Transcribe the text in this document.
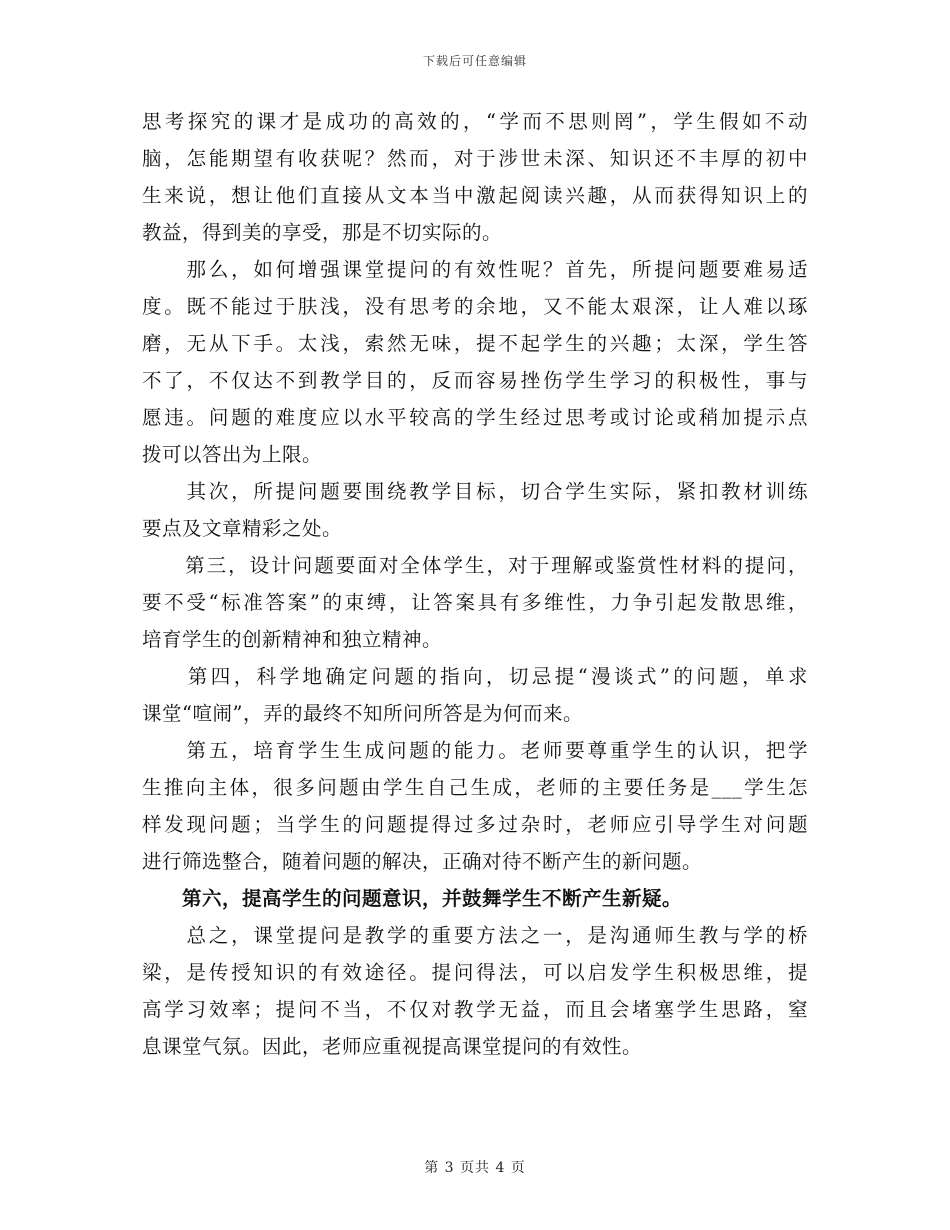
下载后可任意编辑
思考探究的课才是成功的高效的，“学而不思则罔”，学生假如不动
脑，怎能期望有收获呢？然而，对于涉世未深、知识还不丰厚的初中
生来说，想让他们直接从文本当中激起阅读兴趣，从而获得知识上的
教益，得到美的享受，那是不切实际的。
　　那么，如何增强课堂提问的有效性呢？首先，所提问题要难易适
度。既不能过于肤浅，没有思考的余地，又不能太艰深，让人难以琢
磨，无从下手。太浅，索然无味，提不起学生的兴趣；太深，学生答
不了，不仅达不到教学目的，反而容易挫伤学生学习的积极性，事与
愿违。问题的难度应以水平较高的学生经过思考或讨论或稍加提示点
拨可以答出为上限。
　　其次，所提问题要围绕教学目标，切合学生实际，紧扣教材训练
要点及文章精彩之处。
　　第三，设计问题要面对全体学生，对于理解或鉴赏性材料的提问，
要不受“标准答案”的束缚，让答案具有多维性，力争引起发散思维，
培育学生的创新精神和独立精神。
　　第四，科学地确定问题的指向，切忌提“漫谈式”的问题，单求
课堂“喧闹”，弄的最终不知所问所答是为何而来。
　　第五，培育学生生成问题的能力。老师要尊重学生的认识，把学
生推向主体，很多问题由学生自己生成，老师的主要任务是___学生怎
样发现问题；当学生的问题提得过多过杂时，老师应引导学生对问题
进行筛选整合，随着问题的解决，正确对待不断产生的新问题。
　　第六，提高学生的问题意识，并鼓舞学生不断产生新疑。
　　总之，课堂提问是教学的重要方法之一，是沟通师生教与学的桥
梁，是传授知识的有效途径。提问得法，可以启发学生积极思维，提
高学习效率；提问不当，不仅对教学无益，而且会堵塞学生思路，窒
息课堂气氛。因此，老师应重视提高课堂提问的有效性。
第 3 页共 4 页
